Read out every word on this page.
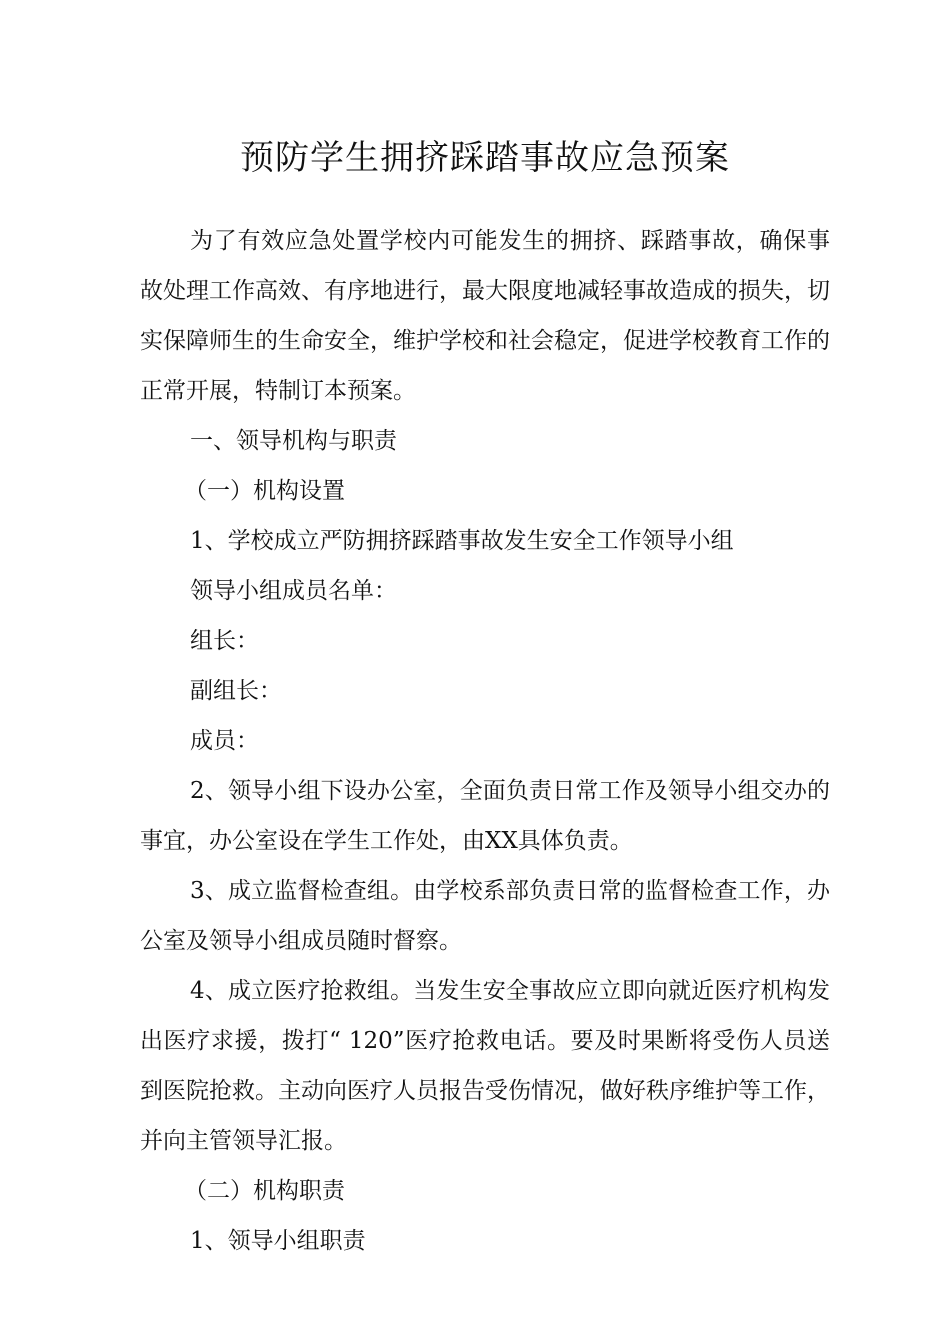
预防学生拥挤踩踏事故应急预案

为了有效应急处置学校内可能发生的拥挤、踩踏事故，确保事故处理工作高效、有序地进行，最大限度地减轻事故造成的损失，切实保障师生的生命安全，维护学校和社会稳定，促进学校教育工作的正常开展，特制订本预案。

一、领导机构与职责

（一）机构设置

1、学校成立严防拥挤踩踏事故发生安全工作领导小组

领导小组成员名单：

组长：

副组长：

成员：

2、领导小组下设办公室，全面负责日常工作及领导小组交办的事宜，办公室设在学生工作处，由XX具体负责。

3、成立监督检查组。由学校系部负责日常的监督检查工作，办公室及领导小组成员随时督察。

4、成立医疗抢救组。当发生安全事故应立即向就近医疗机构发出医疗求援，拨打“ 120”医疗抢救电话。要及时果断将受伤人员送到医院抢救。主动向医疗人员报告受伤情况，做好秩序维护等工作，并向主管领导汇报。

（二）机构职责

1、领导小组职责
